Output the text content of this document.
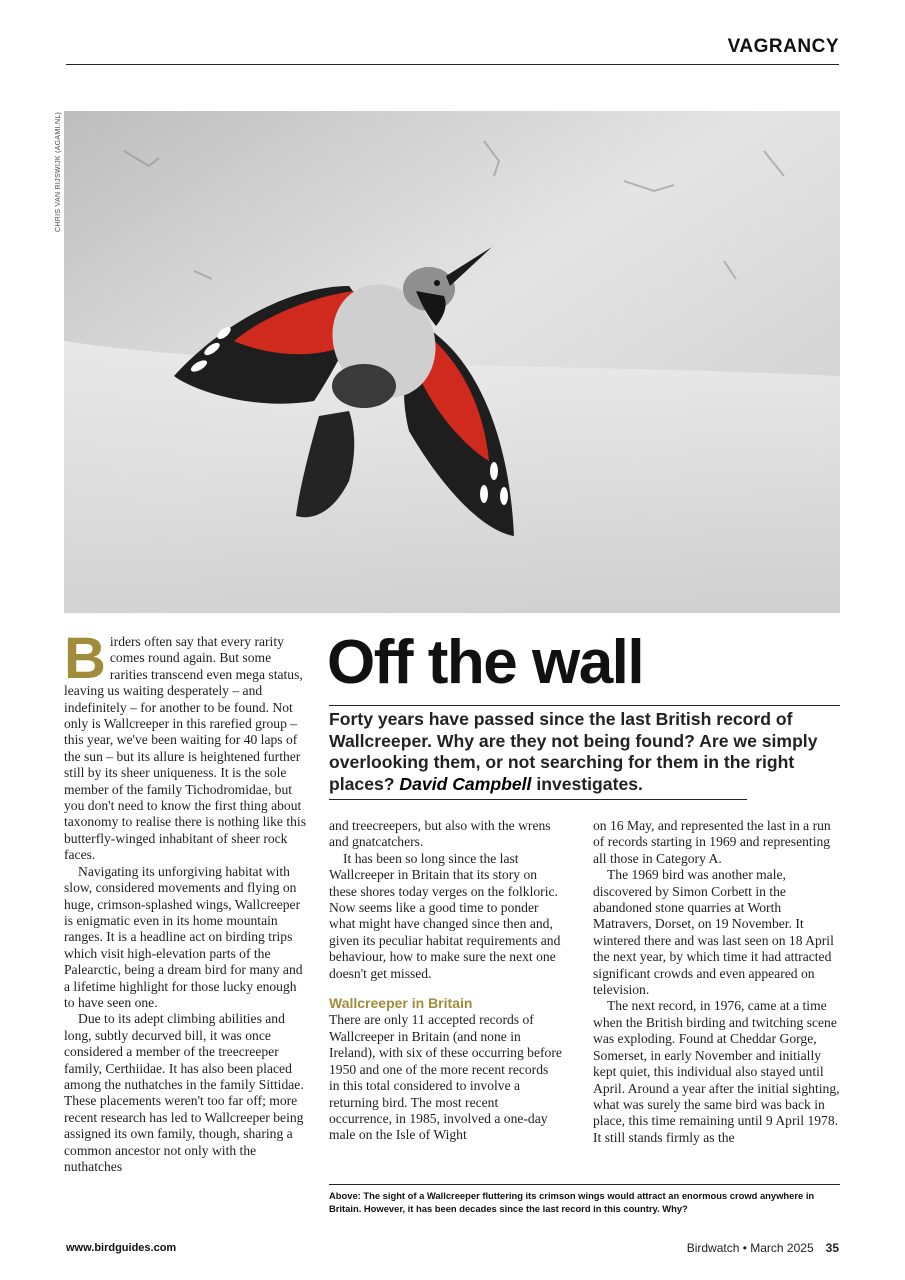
VAGRANCY
CHRIS VAN RIJSWIJK (AGAMI.NL)

Birders often say that every rarity comes round again. But some rarities transcend even mega status, leaving us waiting desperately – and indefinitely – for another to be found. Not only is Wallcreeper in this rarefied group – this year, we've been waiting for 40 laps of the sun – but its allure is heightened further still by its sheer uniqueness. It is the sole member of the family Tichodromidae, but you don't need to know the first thing about taxonomy to realise there is nothing like this butterfly-winged inhabitant of sheer rock faces.

Navigating its unforgiving habitat with slow, considered movements and flying on huge, crimson-splashed wings, Wallcreeper is enigmatic even in its home mountain ranges. It is a headline act on birding trips which visit high-elevation parts of the Palearctic, being a dream bird for many and a lifetime highlight for those lucky enough to have seen one.

Due to its adept climbing abilities and long, subtly decurved bill, it was once considered a member of the treecreeper family, Certhiidae. It has also been placed among the nuthatches in the family Sittidae. These placements weren't too far off; more recent research has led to Wallcreeper being assigned its own family, though, sharing a common ancestor not only with the nuthatches

Off the wall
Forty years have passed since the last British record of Wallcreeper. Why are they not being found? Are we simply overlooking them, or not searching for them in the right places? David Campbell investigates.

and treecreepers, but also with the wrens and gnatcatchers.

It has been so long since the last Wallcreeper in Britain that its story on these shores today verges on the folkloric. Now seems like a good time to ponder what might have changed since then and, given its peculiar habitat requirements and behaviour, how to make sure the next one doesn't get missed.

Wallcreeper in Britain

There are only 11 accepted records of Wallcreeper in Britain (and none in Ireland), with six of these occurring before 1950 and one of the more recent records in this total considered to involve a returning bird. The most recent occurrence, in 1985, involved a one-day male on the Isle of Wight

on 16 May, and represented the last in a run of records starting in 1969 and representing all those in Category A.

The 1969 bird was another male, discovered by Simon Corbett in the abandoned stone quarries at Worth Matravers, Dorset, on 19 November. It wintered there and was last seen on 18 April the next year, by which time it had attracted significant crowds and even appeared on television.

The next record, in 1976, came at a time when the British birding and twitching scene was exploding. Found at Cheddar Gorge, Somerset, in early November and initially kept quiet, this individual also stayed until April. Around a year after the initial sighting, what was surely the same bird was back in place, this time remaining until 9 April 1978. It still stands firmly as the

Above: The sight of a Wallcreeper fluttering its crimson wings would attract an enormous crowd anywhere in Britain. However, it has been decades since the last record in this country. Why?
www.birdguides.com	Birdwatch • March 2025 35
